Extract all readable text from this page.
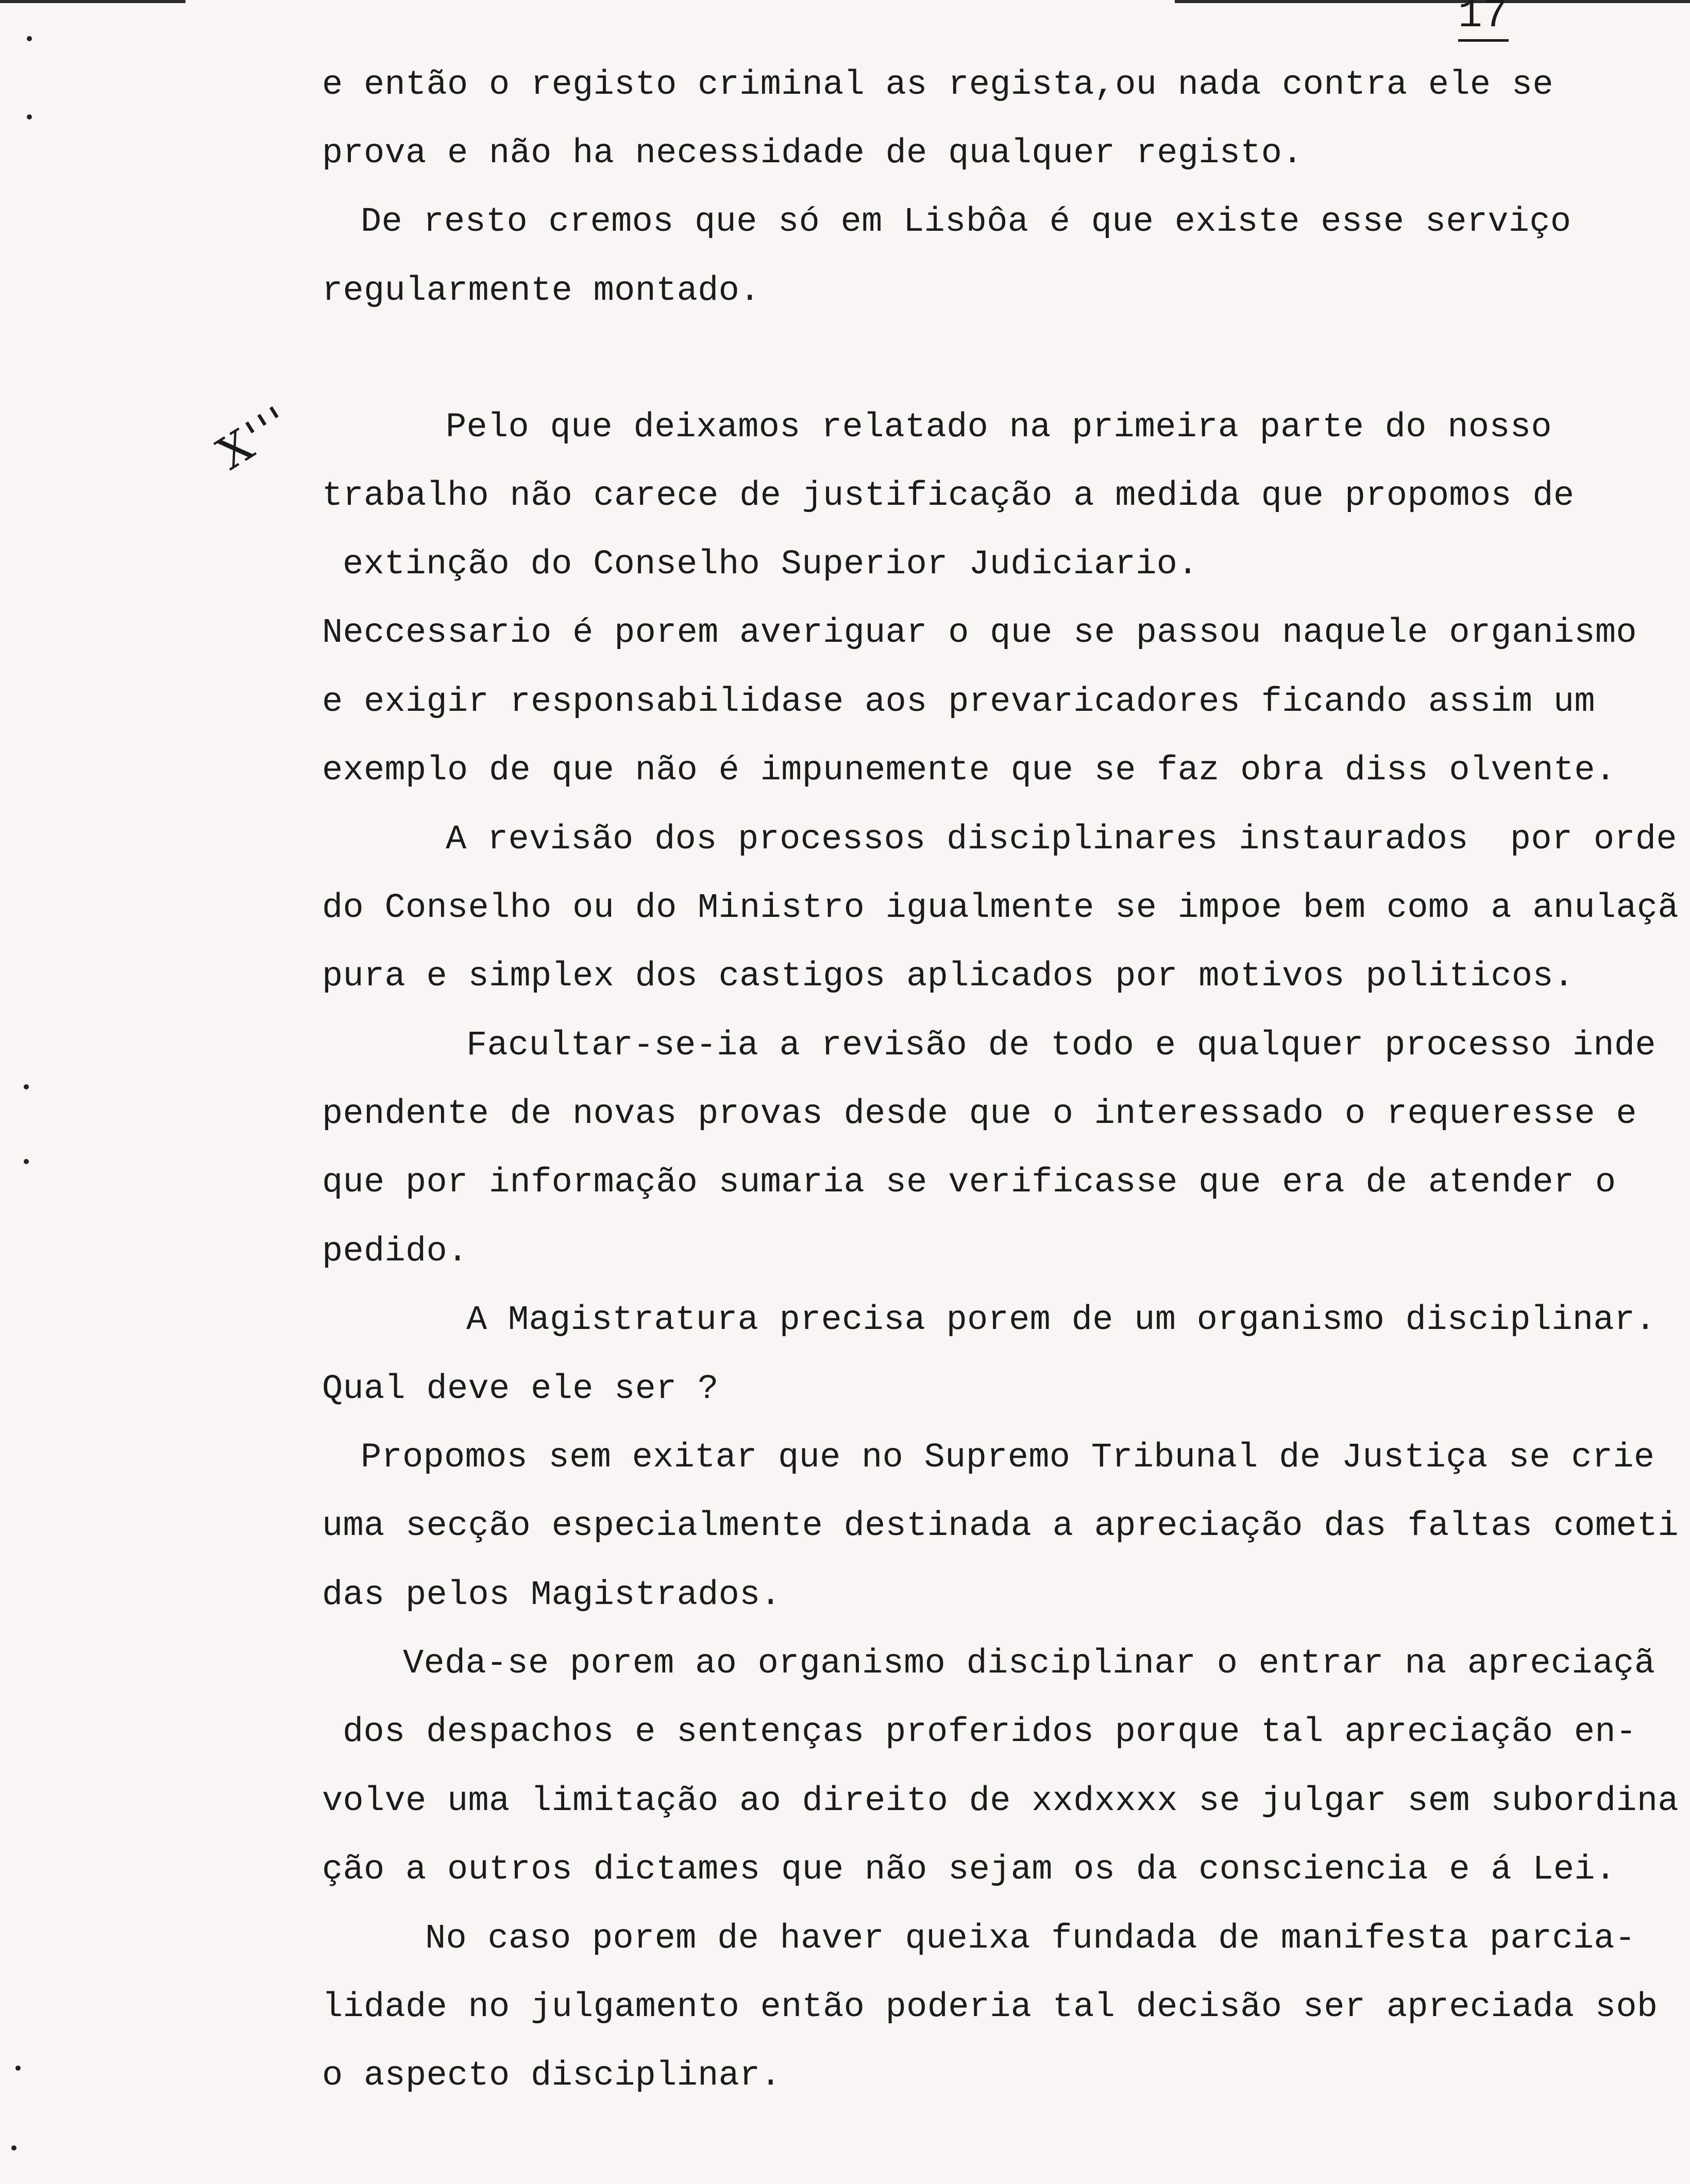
17
X'''
e então o registo criminal as regista,ou nada contra ele se
prova e não ha necessidade de qualquer registo.
De resto cremos que só em Lisbôa é que existe esse serviço
regularmente montado.
Pelo que deixamos relatado na primeira parte do nosso
trabalho não carece de justificação a medida que propomos de
extinção do Conselho Superior Judiciario.
Neccessario é porem averiguar o que se passou naquele organismo
e exigir responsabilidase aos prevaricadores ficando assim um
exemplo de que não é impunemente que se faz obra diss olvente.
A revisão dos processos disciplinares instaurados  por orde
do Conselho ou do Ministro igualmente se impoe bem como a anulaçã
pura e simplex dos castigos aplicados por motivos politicos.
Facultar-se-ia a revisão de todo e qualquer processo inde
pendente de novas provas desde que o interessado o requeresse e
que por informação sumaria se verificasse que era de atender o
pedido.
A Magistratura precisa porem de um organismo disciplinar.
Qual deve ele ser ?
Propomos sem exitar que no Supremo Tribunal de Justiça se crie
uma secção especialmente destinada a apreciação das faltas cometi
das pelos Magistrados.
Veda-se porem ao organismo disciplinar o entrar na apreciaçã
dos despachos e sentenças proferidos porque tal apreciação en-
volve uma limitação ao direito de xxdxxxx se julgar sem subordina
ção a outros dictames que não sejam os da consciencia e á Lei.
No caso porem de haver queixa fundada de manifesta parcia-
lidade no julgamento então poderia tal decisão ser apreciada sob
o aspecto disciplinar.
